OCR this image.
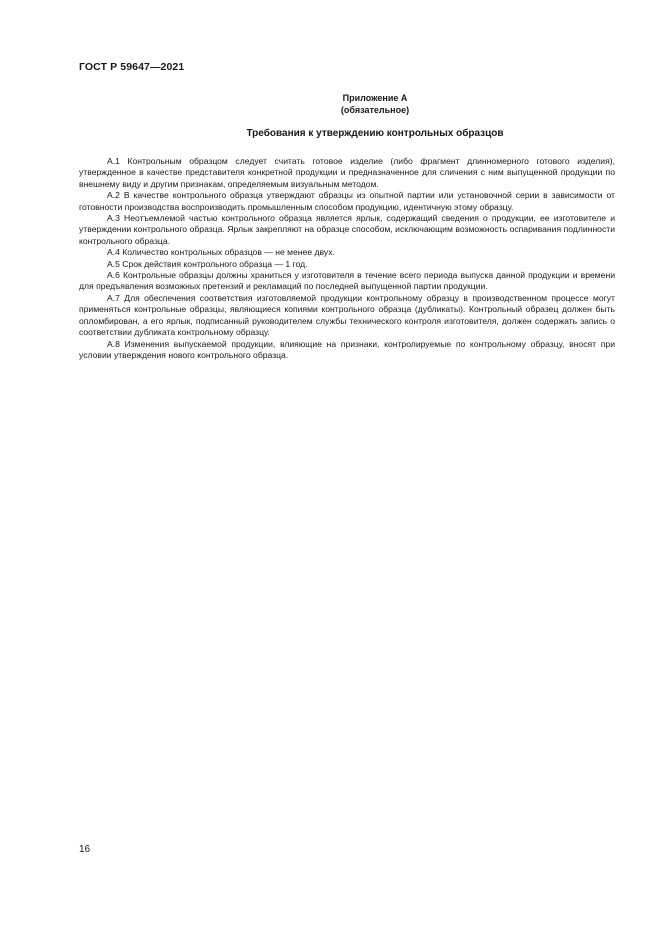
ГОСТ Р 59647—2021
Приложение А
(обязательное)
Требования к утверждению контрольных образцов

А.1 Контрольным образцом следует считать готовое изделие (либо фрагмент длинномерного готового изделия), утвержденное в качестве представителя конкретной продукции и предназначенное для сличения с ним выпущенной продукции по внешнему виду и другим признакам, определяемым визуальным методом.

А.2 В качестве контрольного образца утверждают образцы из опытной партии или установочной серии в зависимости от готовности производства воспроизводить промышленным способом продукцию, идентичную этому образцу.

А.3 Неотъемлемой частью контрольного образца является ярлык, содержащий сведения о продукции, ее изготовителе и утверждении контрольного образца. Ярлык закрепляют на образце способом, исключающим возможность оспаривания подлинности контрольного образца.

А.4 Количество контрольных образцов — не менее двух.

А.5 Срок действия контрольного образца — 1 год.

А.6 Контрольные образцы должны храниться у изготовителя в течение всего периода выпуска данной продукции и времени для предъявления возможных претензий и рекламаций по последней выпущенной партии продукции.

А.7 Для обеспечения соответствия изготовляемой продукции контрольному образцу в производственном процессе могут применяться контрольные образцы, являющиеся копиями контрольного образца (дубликаты). Контрольный образец должен быть опломбирован, а его ярлык, подписанный руководителем службы технического контроля изготовителя, должен содержать запись о соответствии дубликата контрольному образцу.

А.8 Изменения выпускаемой продукции, влияющие на признаки, контролируемые по контрольному образцу, вносят при условии утверждения нового контрольного образца.

16
